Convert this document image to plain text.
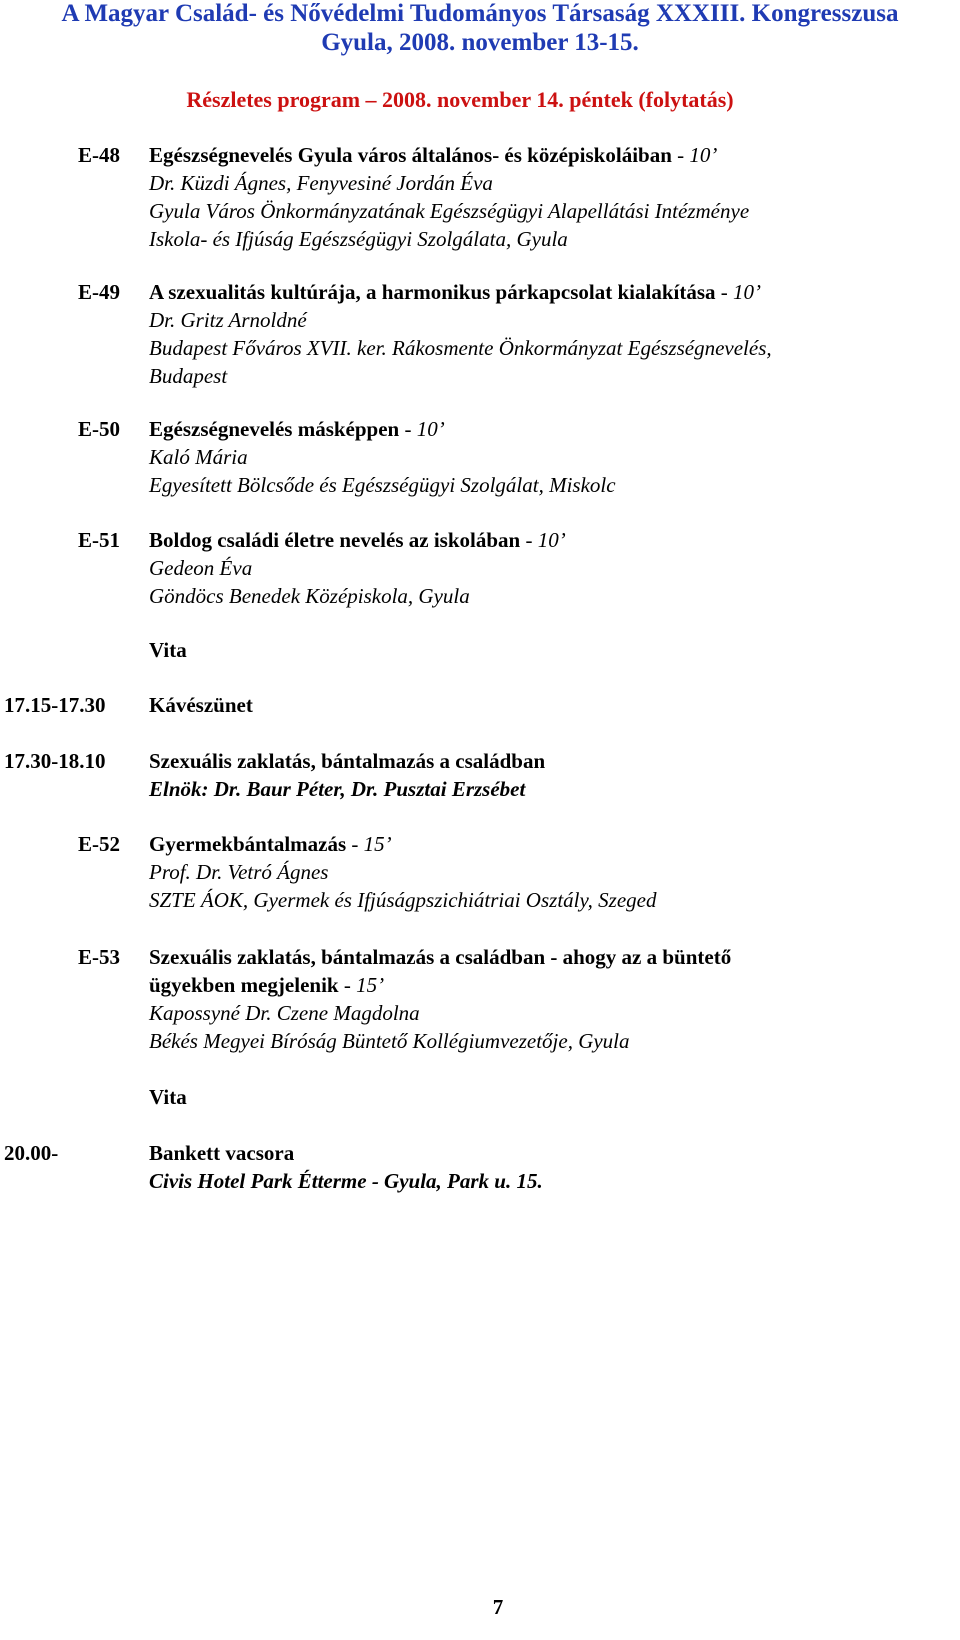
A Magyar Család- és Nővédelmi Tudományos Társaság XXXIII. Kongresszusa
Gyula, 2008. november 13-15.
Részletes program – 2008. november 14. péntek (folytatás)
E-48 Egészségnevelés Gyula város általános- és középiskoláiban - 10’
Dr. Küzdi Ágnes, Fenyvesiné Jordán Éva
Gyula Város Önkormányzatának Egészségügyi Alapellátási Intézménye
Iskola- és Ifjúság Egészségügyi Szolgálata, Gyula
E-49 A szexualitás kultúrája, a harmonikus párkapcsolat kialakítása - 10’
Dr. Gritz Arnoldné
Budapest Főváros XVII. ker. Rákosmente Önkormányzat Egészségnevelés,
Budapest
E-50 Egészségnevelés másképpen - 10’
Kaló Mária
Egyesített Bölcsőde és Egészségügyi Szolgálat, Miskolc
E-51 Boldog családi életre nevelés az iskolában - 10’
Gedeon Éva
Göndöcs Benedek Középiskola, Gyula
Vita
17.15-17.30 Kávészünet
17.30-18.10 Szexuális zaklatás, bántalmazás a családban
Elnök: Dr. Baur Péter, Dr. Pusztai Erzsébet
E-52 Gyermekbántalmazás - 15’
Prof. Dr. Vetró Ágnes
SZTE ÁOK, Gyermek és Ifjúságpszichiátriai Osztály, Szeged
E-53 Szexuális zaklatás, bántalmazás a családban - ahogy az a büntető
ügyekben megjelenik - 15’
Kapossyné Dr. Czene Magdolna
Békés Megyei Bíróság Büntető Kollégiumvezetője, Gyula
Vita
20.00-	Bankett vacsora
Civis Hotel Park Étterme - Gyula, Park u. 15.
7
